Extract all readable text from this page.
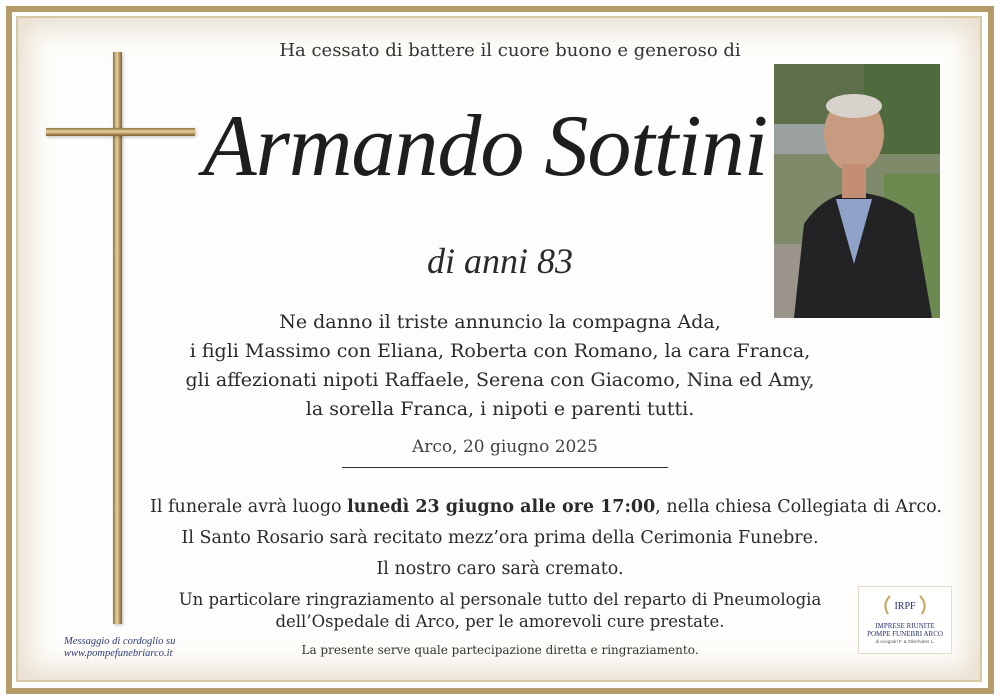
Ha cessato di battere il cuore buono e generoso di
Armando Sottini
di anni 83
Ne danno il triste annuncio la compagna Ada,
i figli Massimo con Eliana, Roberta con Romano, la cara Franca,
gli affezionati nipoti Raffaele, Serena con Giacomo, Nina ed Amy,
la sorella Franca, i nipoti e parenti tutti.
Arco, 20 giugno 2025
Il funerale avrà luogo lunedì 23 giugno alle ore 17:00, nella chiesa Collegiata di Arco.
Il Santo Rosario sarà recitato mezz’ora prima della Cerimonia Funebre.
Il nostro caro sarà cremato.
Un particolare ringraziamento al personale tutto del reparto di Pneumologia
dell’Ospedale di Arco, per le amorevoli cure prestate.
La presente serve quale partecipazione diretta e ringraziamento.
Messaggio di cordoglio su
www.pompefunebriarco.it
IRPF
IMPRESE RIUNITE
POMPE FUNEBRI ARCO
di Avogadri F. & Oberhuber L.
